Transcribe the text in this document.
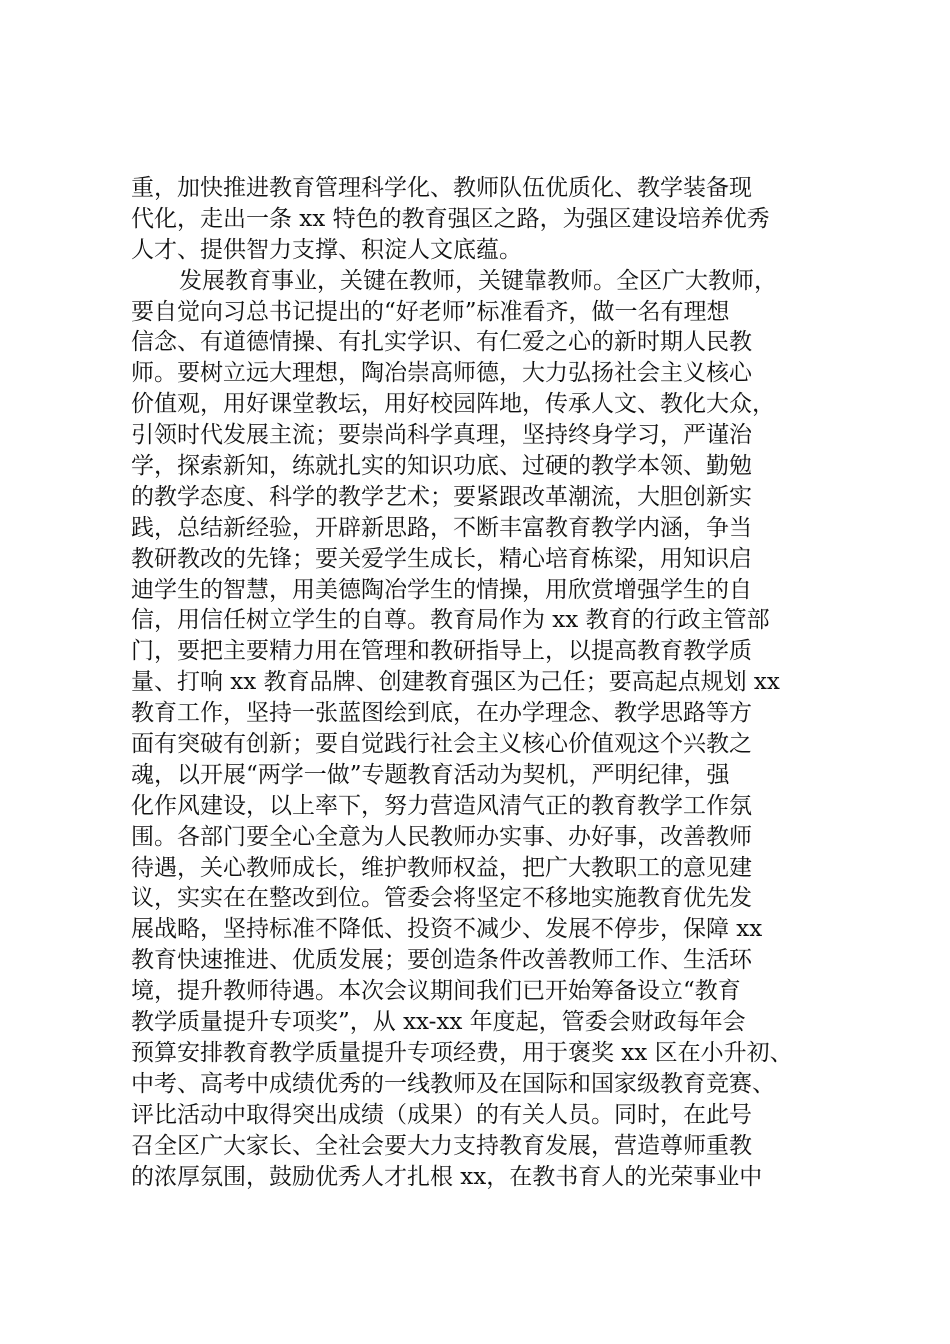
重，加快推进教育管理科学化、教师队伍优质化、教学装备现
代化，走出一条 xx 特色的教育强区之路，为强区建设培养优秀
人才、提供智力支撑、积淀人文底蕴。
发展教育事业，关键在教师，关键靠教师。全区广大教师，
要自觉向习总书记提出的“好老师”标准看齐，做一名有理想
信念、有道德情操、有扎实学识、有仁爱之心的新时期人民教
师。要树立远大理想，陶冶崇高师德，大力弘扬社会主义核心
价值观，用好课堂教坛，用好校园阵地，传承人文、教化大众，
引领时代发展主流；要崇尚科学真理，坚持终身学习，严谨治
学，探索新知，练就扎实的知识功底、过硬的教学本领、勤勉
的教学态度、科学的教学艺术；要紧跟改革潮流，大胆创新实
践，总结新经验，开辟新思路，不断丰富教育教学内涵，争当
教研教改的先锋；要关爱学生成长，精心培育栋梁，用知识启
迪学生的智慧，用美德陶冶学生的情操，用欣赏增强学生的自
信，用信任树立学生的自尊。教育局作为 xx 教育的行政主管部
门，要把主要精力用在管理和教研指导上，以提高教育教学质
量、打响 xx 教育品牌、创建教育强区为己任；要高起点规划 xx
教育工作，坚持一张蓝图绘到底，在办学理念、教学思路等方
面有突破有创新；要自觉践行社会主义核心价值观这个兴教之
魂，以开展“两学一做”专题教育活动为契机，严明纪律，强
化作风建设，以上率下，努力营造风清气正的教育教学工作氛
围。各部门要全心全意为人民教师办实事、办好事，改善教师
待遇，关心教师成长，维护教师权益，把广大教职工的意见建
议，实实在在整改到位。管委会将坚定不移地实施教育优先发
展战略，坚持标准不降低、投资不减少、发展不停步，保障 xx
教育快速推进、优质发展；要创造条件改善教师工作、生活环
境，提升教师待遇。本次会议期间我们已开始筹备设立“教育
教学质量提升专项奖”，从 xx-xx 年度起，管委会财政每年会
预算安排教育教学质量提升专项经费，用于褒奖 xx 区在小升初、
中考、高考中成绩优秀的一线教师及在国际和国家级教育竞赛、
评比活动中取得突出成绩（成果）的有关人员。同时，在此号
召全区广大家长、全社会要大力支持教育发展，营造尊师重教
的浓厚氛围，鼓励优秀人才扎根 xx，在教书育人的光荣事业中
